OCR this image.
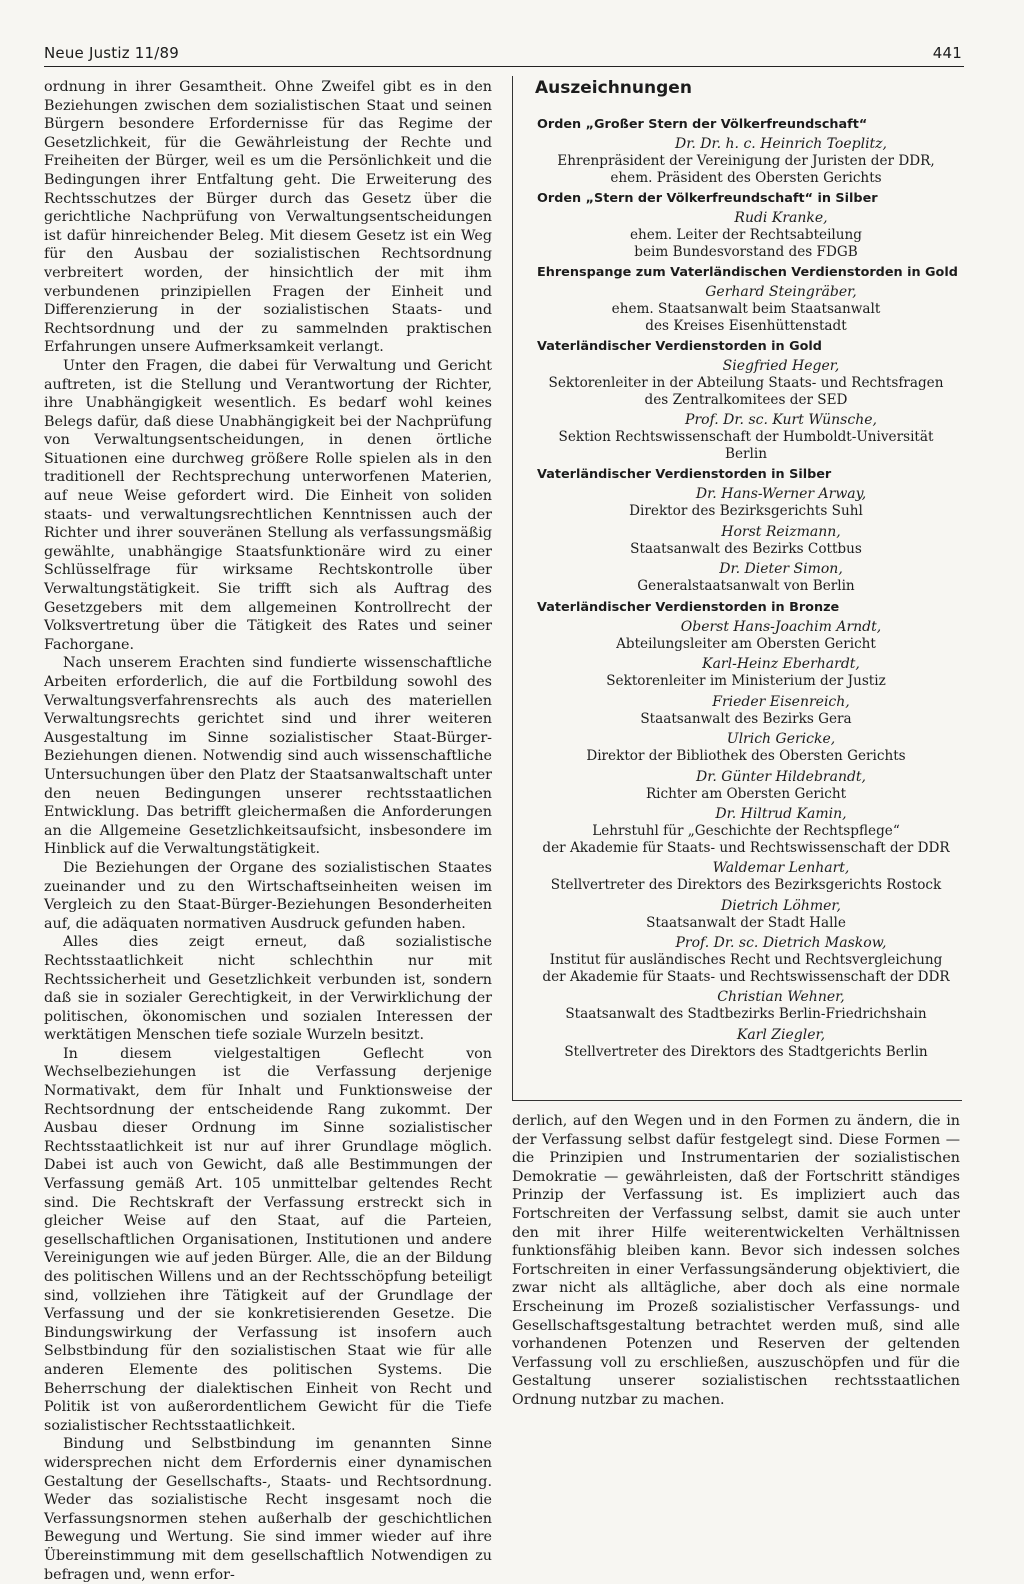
Neue Justiz 11/89	441

ordnung in ihrer Gesamtheit. Ohne Zweifel gibt es in den Beziehungen zwischen dem sozialistischen Staat und seinen Bürgern besondere Erfordernisse für das Regime der Gesetzlichkeit, für die Gewährleistung der Rechte und Freiheiten der Bürger, weil es um die Persönlichkeit und die Bedingungen ihrer Entfaltung geht. Die Erweiterung des Rechtsschutzes der Bürger durch das Gesetz über die gerichtliche Nachprüfung von Verwaltungsentscheidungen ist dafür hinreichender Beleg. Mit diesem Gesetz ist ein Weg für den Ausbau der sozialistischen Rechtsordnung verbreitert worden, der hinsichtlich der mit ihm verbundenen prinzipiellen Fragen der Einheit und Differenzierung in der sozialistischen Staats- und Rechtsordnung und der zu sammelnden praktischen Erfahrungen unsere Aufmerksamkeit verlangt.

Unter den Fragen, die dabei für Verwaltung und Gericht auftreten, ist die Stellung und Verantwortung der Richter, ihre Unabhängigkeit wesentlich. Es bedarf wohl keines Belegs dafür, daß diese Unabhängigkeit bei der Nachprüfung von Verwaltungsentscheidungen, in denen örtliche Situationen eine durchweg größere Rolle spielen als in den traditionell der Rechtsprechung unterworfenen Materien, auf neue Weise gefordert wird. Die Einheit von soliden staats- und verwaltungsrechtlichen Kenntnissen auch der Richter und ihrer souveränen Stellung als verfassungsmäßig gewählte, unabhängige Staatsfunktionäre wird zu einer Schlüsselfrage für wirksame Rechtskontrolle über Verwaltungstätigkeit. Sie trifft sich als Auftrag des Gesetzgebers mit dem allgemeinen Kontrollrecht der Volksvertretung über die Tätigkeit des Rates und seiner Fachorgane.

Nach unserem Erachten sind fundierte wissenschaftliche Arbeiten erforderlich, die auf die Fortbildung sowohl des Verwaltungsverfahrensrechts als auch des materiellen Verwaltungsrechts gerichtet sind und ihrer weiteren Ausgestaltung im Sinne sozialistischer Staat-Bürger-Beziehungen dienen. Notwendig sind auch wissenschaftliche Untersuchungen über den Platz der Staatsanwaltschaft unter den neuen Bedingungen unserer rechtsstaatlichen Entwicklung. Das betrifft gleichermaßen die Anforderungen an die Allgemeine Gesetzlichkeitsaufsicht, insbesondere im Hinblick auf die Verwaltungstätigkeit.

Die Beziehungen der Organe des sozialistischen Staates zueinander und zu den Wirtschaftseinheiten weisen im Vergleich zu den Staat-Bürger-Beziehungen Besonderheiten auf, die adäquaten normativen Ausdruck gefunden haben.

Alles dies zeigt erneut, daß sozialistische Rechtsstaatlichkeit nicht schlechthin nur mit Rechtssicherheit und Gesetzlichkeit verbunden ist, sondern daß sie in sozialer Gerechtigkeit, in der Verwirklichung der politischen, ökonomischen und sozialen Interessen der werktätigen Menschen tiefe soziale Wurzeln besitzt.

In diesem vielgestaltigen Geflecht von Wechselbeziehungen ist die Verfassung derjenige Normativakt, dem für Inhalt und Funktionsweise der Rechtsordnung der entscheidende Rang zukommt. Der Ausbau dieser Ordnung im Sinne sozialistischer Rechtsstaatlichkeit ist nur auf ihrer Grundlage möglich. Dabei ist auch von Gewicht, daß alle Bestimmungen der Verfassung gemäß Art. 105 unmittelbar geltendes Recht sind. Die Rechtskraft der Verfassung erstreckt sich in gleicher Weise auf den Staat, auf die Parteien, gesellschaftlichen Organisationen, Institutionen und andere Vereinigungen wie auf jeden Bürger. Alle, die an der Bildung des politischen Willens und an der Rechtsschöpfung beteiligt sind, vollziehen ihre Tätigkeit auf der Grundlage der Verfassung und der sie konkretisierenden Gesetze. Die Bindungswirkung der Verfassung ist insofern auch Selbstbindung für den sozialistischen Staat wie für alle anderen Elemente des politischen Systems. Die Beherrschung der dialektischen Einheit von Recht und Politik ist von außerordentlichem Gewicht für die Tiefe sozialistischer Rechtsstaatlichkeit.

Bindung und Selbstbindung im genannten Sinne widersprechen nicht dem Erfordernis einer dynamischen Gestaltung der Gesellschafts-, Staats- und Rechtsordnung. Weder das sozialistische Recht insgesamt noch die Verfassungsnormen stehen außerhalb der geschichtlichen Bewegung und Wertung. Sie sind immer wieder auf ihre Übereinstimmung mit dem gesellschaftlich Notwendigen zu befragen und, wenn erfor-

Auszeichnungen
Orden „Großer Stern der Völkerfreundschaft“
Dr. Dr. h. c. Heinrich Toeplitz,
Ehrenpräsident der Vereinigung der Juristen der DDR,
ehem. Präsident des Obersten Gerichts
Orden „Stern der Völkerfreundschaft“ in Silber
Rudi Kranke,
ehem. Leiter der Rechtsabteilung
beim Bundesvorstand des FDGB
Ehrenspange zum Vaterländischen Verdienstorden in Gold
Gerhard Steingräber,
ehem. Staatsanwalt beim Staatsanwalt
des Kreises Eisenhüttenstadt
Vaterländischer Verdienstorden in Gold
Siegfried Heger,
Sektorenleiter in der Abteilung Staats- und Rechtsfragen
des Zentralkomitees der SED
Prof. Dr. sc. Kurt Wünsche,
Sektion Rechtswissenschaft der Humboldt-Universität Berlin
Vaterländischer Verdienstorden in Silber
Dr. Hans-Werner Arway,
Direktor des Bezirksgerichts Suhl
Horst Reizmann,
Staatsanwalt des Bezirks Cottbus
Dr. Dieter Simon,
Generalstaatsanwalt von Berlin
Vaterländischer Verdienstorden in Bronze
Oberst Hans-Joachim Arndt,
Abteilungsleiter am Obersten Gericht
Karl-Heinz Eberhardt,
Sektorenleiter im Ministerium der Justiz
Frieder Eisenreich,
Staatsanwalt des Bezirks Gera
Ulrich Gericke,
Direktor der Bibliothek des Obersten Gerichts
Dr. Günter Hildebrandt,
Richter am Obersten Gericht
Dr. Hiltrud Kamin,
Lehrstuhl für „Geschichte der Rechtspflege“
der Akademie für Staats- und Rechtswissenschaft der DDR
Waldemar Lenhart,
Stellvertreter des Direktors des Bezirksgerichts Rostock
Dietrich Löhmer,
Staatsanwalt der Stadt Halle
Prof. Dr. sc. Dietrich Maskow,
Institut für ausländisches Recht und Rechtsvergleichung
der Akademie für Staats- und Rechtswissenschaft der DDR
Christian Wehner,
Staatsanwalt des Stadtbezirks Berlin-Friedrichshain
Karl Ziegler,
Stellvertreter des Direktors des Stadtgerichts Berlin

derlich, auf den Wegen und in den Formen zu ändern, die in der Verfassung selbst dafür festgelegt sind. Diese Formen — die Prinzipien und Instrumentarien der sozialistischen Demokratie — gewährleisten, daß der Fortschritt ständiges Prinzip der Verfassung ist. Es impliziert auch das Fortschreiten der Verfassung selbst, damit sie auch unter den mit ihrer Hilfe weiterentwickelten Verhältnissen funktionsfähig bleiben kann. Bevor sich indessen solches Fortschreiten in einer Verfassungsänderung objektiviert, die zwar nicht als alltägliche, aber doch als eine normale Erscheinung im Prozeß sozialistischer Verfassungs- und Gesellschaftsgestaltung betrachtet werden muß, sind alle vorhandenen Potenzen und Reserven der geltenden Verfassung voll zu erschließen, auszuschöpfen und für die Gestaltung unserer sozialistischen rechtsstaatlichen Ordnung nutzbar zu machen.
